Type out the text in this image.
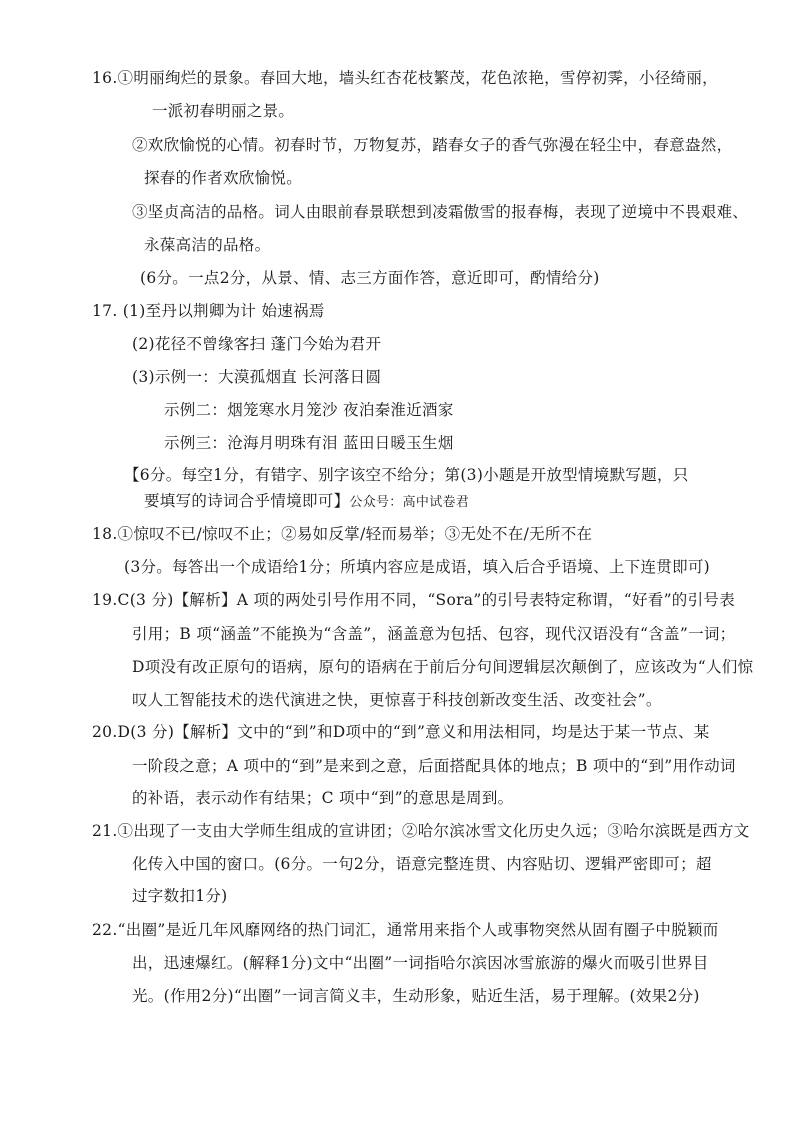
16.①明丽绚烂的景象。春回大地，墙头红杏花枝繁茂，花色浓艳，雪停初霁，小径绮丽，
一派初春明丽之景。
②欢欣愉悦的心情。初春时节，万物复苏，踏春女子的香气弥漫在轻尘中，春意盎然，
探春的作者欢欣愉悦。
③坚贞高洁的品格。词人由眼前春景联想到凌霜傲雪的报春梅，表现了逆境中不畏艰难、
永葆高洁的品格。
(6分。一点2分，从景、情、志三方面作答，意近即可，酌情给分)
17. (1)至丹以荆卿为计 始速祸焉
(2)花径不曾缘客扫 蓬门今始为君开
(3)示例一：大漠孤烟直 长河落日圆
示例二：烟笼寒水月笼沙 夜泊秦淮近酒家
示例三：沧海月明珠有泪 蓝田日暖玉生烟
【6分。每空1分，有错字、别字该空不给分；第(3)小题是开放型情境默写题，只
要填写的诗词合乎情境即可】公众号：高中试卷君
18.①惊叹不已/惊叹不止；②易如反掌/轻而易举；③无处不在/无所不在
(3分。每答出一个成语给1分；所填内容应是成语，填入后合乎语境、上下连贯即可)
19.C(3 分)【解析】A 项的两处引号作用不同，“Sora”的引号表特定称谓，“好看”的引号表
引用；B 项“涵盖”不能换为“含盖”，涵盖意为包括、包容，现代汉语没有“含盖”一词；
D项没有改正原句的语病，原句的语病在于前后分句间逻辑层次颠倒了，应该改为“人们惊
叹人工智能技术的迭代演进之快，更惊喜于科技创新改变生活、改变社会”。
20.D(3 分)【解析】文中的“到”和D项中的“到”意义和用法相同，均是达于某一节点、某
一阶段之意；A 项中的“到”是来到之意，后面搭配具体的地点；B 项中的“到”用作动词
的补语，表示动作有结果；C 项中“到”的意思是周到。
21.①出现了一支由大学师生组成的宣讲团；②哈尔滨冰雪文化历史久远；③哈尔滨既是西方文
化传入中国的窗口。(6分。一句2分，语意完整连贯、内容贴切、逻辑严密即可；超
过字数扣1分)
22.“出圈”是近几年风靡网络的热门词汇，通常用来指个人或事物突然从固有圈子中脱颖而
出，迅速爆红。(解释1分)文中“出圈”一词指哈尔滨因冰雪旅游的爆火而吸引世界目
光。(作用2分)“出圈”一词言简义丰，生动形象，贴近生活，易于理解。(效果2分)
